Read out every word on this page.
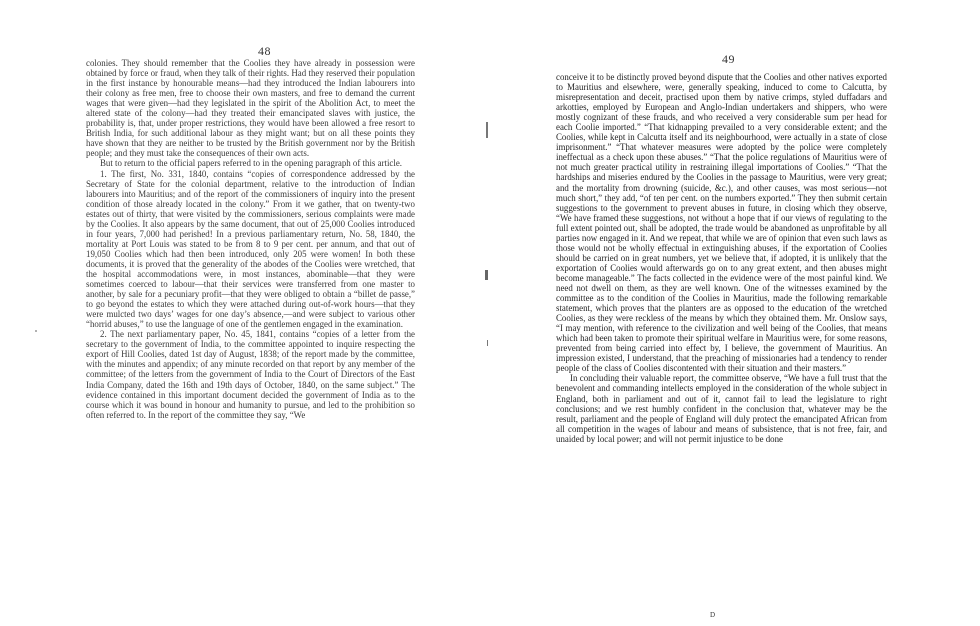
48

colonies. They should remember that the Coolies they have already in possession were obtained by force or fraud, when they talk of their rights. Had they reserved their population in the first instance by honourable means—had they introduced the Indian labourers into their colony as free men, free to choose their own masters, and free to demand the current wages that were given—had they legislated in the spirit of the Abolition Act, to meet the altered state of the colony—had they treated their emancipated slaves with justice, the probability is, that, under proper restrictions, they would have been allowed a free resort to British India, for such additional labour as they might want; but on all these points they have shown that they are neither to be trusted by the British government nor by the British people; and they must take the consequences of their own acts.

But to return to the official papers referred to in the opening paragraph of this article.

1. The first, No. 331, 1840, contains “copies of correspondence addressed by the Secretary of State for the colonial department, relative to the introduction of Indian labourers into Mauritius; and of the report of the commissioners of inquiry into the present condition of those already located in the colony.” From it we gather, that on twenty-two estates out of thirty, that were visited by the commissioners, serious complaints were made by the Coolies. It also appears by the same document, that out of 25,000 Coolies introduced in four years, 7,000 had perished! In a previous parliamentary return, No. 58, 1840, the mortality at Port Louis was stated to be from 8 to 9 per cent. per annum, and that out of 19,050 Coolies which had then been introduced, only 205 were women! In both these documents, it is proved that the generality of the abodes of the Coolies were wretched, that the hospital accommodations were, in most instances, abominable—that they were sometimes coerced to labour—that their services were transferred from one master to another, by sale for a pecuniary profit—that they were obliged to obtain a “billet de passe,” to go beyond the estates to which they were attached during out-of-work hours—that they were mulcted two days’ wages for one day’s absence,—and were subject to various other “horrid abuses,” to use the language of one of the gentlemen engaged in the examination.

2. The next parliamentary paper, No. 45, 1841, contains “copies of a letter from the secretary to the government of India, to the committee appointed to inquire respecting the export of Hill Coolies, dated 1st day of August, 1838; of the report made by the committee, with the minutes and appendix; of any minute recorded on that report by any member of the committee; of the letters from the government of India to the Court of Directors of the East India Company, dated the 16th and 19th days of October, 1840, on the same subject.” The evidence contained in this important document decided the government of India as to the course which it was bound in honour and humanity to pursue, and led to the prohibition so often referred to. In the report of the committee they say, “We

49

conceive it to be distinctly proved beyond dispute that the Coolies and other natives exported to Mauritius and elsewhere, were, generally speaking, induced to come to Calcutta, by misrepresentation and deceit, practised upon them by native crimps, styled duffadars and arkotties, employed by European and Anglo-Indian undertakers and shippers, who were mostly cognizant of these frauds, and who received a very considerable sum per head for each Coolie imported.” “That kidnapping prevailed to a very considerable extent; and the Coolies, while kept in Calcutta itself and its neighbourhood, were actually in a state of close imprisonment.” “That whatever measures were adopted by the police were completely ineffectual as a check upon these abuses.” “That the police regulations of Mauritius were of not much greater practical utility in restraining illegal importations of Coolies.” “That the hardships and miseries endured by the Coolies in the passage to Mauritius, were very great; and the mortality from drowning (suicide, &c.), and other causes, was most serious—not much short,” they add, “of ten per cent. on the numbers exported.” They then submit certain suggestions to the government to prevent abuses in future, in closing which they observe, “We have framed these suggestions, not without a hope that if our views of regulating to the full extent pointed out, shall be adopted, the trade would be abandoned as unprofitable by all parties now engaged in it. And we repeat, that while we are of opinion that even such laws as those would not be wholly effectual in extinguishing abuses, if the exportation of Coolies should be carried on in great numbers, yet we believe that, if adopted, it is unlikely that the exportation of Coolies would afterwards go on to any great extent, and then abuses might become manageable.” The facts collected in the evidence were of the most painful kind. We need not dwell on them, as they are well known. One of the witnesses examined by the committee as to the condition of the Coolies in Mauritius, made the following remarkable statement, which proves that the planters are as opposed to the education of the wretched Coolies, as they were reckless of the means by which they obtained them. Mr. Onslow says, “I may mention, with reference to the civilization and well being of the Coolies, that means which had been taken to promote their spiritual welfare in Mauritius were, for some reasons, prevented from being carried into effect by, I believe, the government of Mauritius. An impression existed, I understand, that the preaching of missionaries had a tendency to render people of the class of Coolies discontented with their situation and their masters.”

In concluding their valuable report, the committee observe, “We have a full trust that the benevolent and commanding intellects employed in the consideration of the whole subject in England, both in parliament and out of it, cannot fail to lead the legislature to right conclusions; and we rest humbly confident in the conclusion that, whatever may be the result, parliament and the people of England will duly protect the emancipated African from all competition in the wages of labour and means of subsistence, that is not free, fair, and unaided by local power; and will not permit injustice to be done

D
